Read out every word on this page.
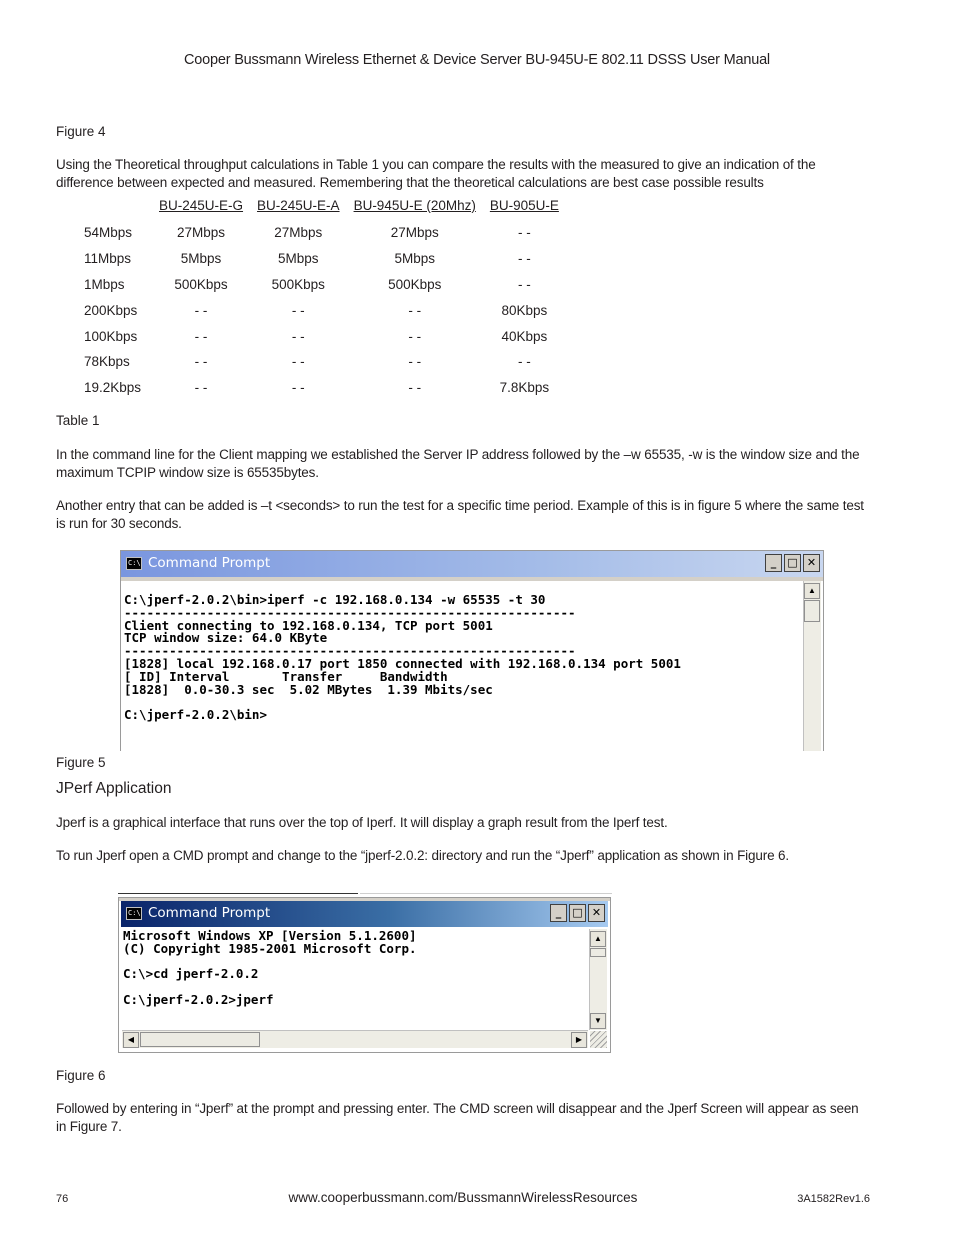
Cooper Bussmann Wireless Ethernet & Device Server BU-945U-E 802.11 DSSS User Manual
Figure 4
Using the Theoretical throughput calculations in Table 1 you can compare the results with the measured to give an indication of the difference between expected and measured. Remembering that the theoretical calculations are best case possible results
	BU-245U-E-G	BU-245U-E-A	BU-945U-E (20Mhz)	BU-905U-E
54Mbps	27Mbps	27Mbps	27Mbps	- -
11Mbps	5Mbps	5Mbps	5Mbps	- -
1Mbps	500Kbps	500Kbps	500Kbps	- -
200Kbps	- -	- -	- -	80Kbps
100Kbps	- -	- -	- -	40Kbps
78Kbps	- -	- -	- -	- -
19.2Kbps	- -	- -	- -	7.8Kbps
Table 1
In the command line for the Client mapping we established the Server IP address followed by the –w 65535, -w is the window size and the maximum TCPIP window size is 65535bytes.
Another entry that can be added is –t <seconds> to run the test for a specific time period. Example of this is in figure 5 where the same test is run for 30 seconds.
C:\ Command Prompt	_	□ ✕
C:\jperf-2.0.2\bin>iperf -c 192.168.0.134 -w 65535 -t 30
------------------------------------------------------------
Client connecting to 192.168.0.134, TCP port 5001
TCP window size: 64.0 KByte
------------------------------------------------------------
[1828] local 192.168.0.17 port 1850 connected with 192.168.0.134 port 5001
[ ID] Interval       Transfer     Bandwidth
[1828]  0.0-30.3 sec  5.02 MBytes  1.39 Mbits/sec

C:\jperf-2.0.2\bin>
▲
Figure 5
JPerf Application
Jperf is a graphical interface that runs over the top of Iperf. It will display a graph result from the Iperf test.
To run Jperf open a CMD prompt and change to the “jperf-2.0.2: directory and run the “Jperf” application as shown in Figure 6.
C:\ Command Prompt	_	□ ✕
Microsoft Windows XP [Version 5.1.2600]
(C) Copyright 1985-2001 Microsoft Corp.

C:\>cd jperf-2.0.2

C:\jperf-2.0.2>jperf
▲
▼
◀	▶
Figure 6
Followed by entering in “Jperf” at the prompt and pressing enter. The CMD screen will disappear and the Jperf Screen will appear as seen in Figure 7.
76	www.cooperbussmann.com/BussmannWirelessResources	3A1582Rev1.6
